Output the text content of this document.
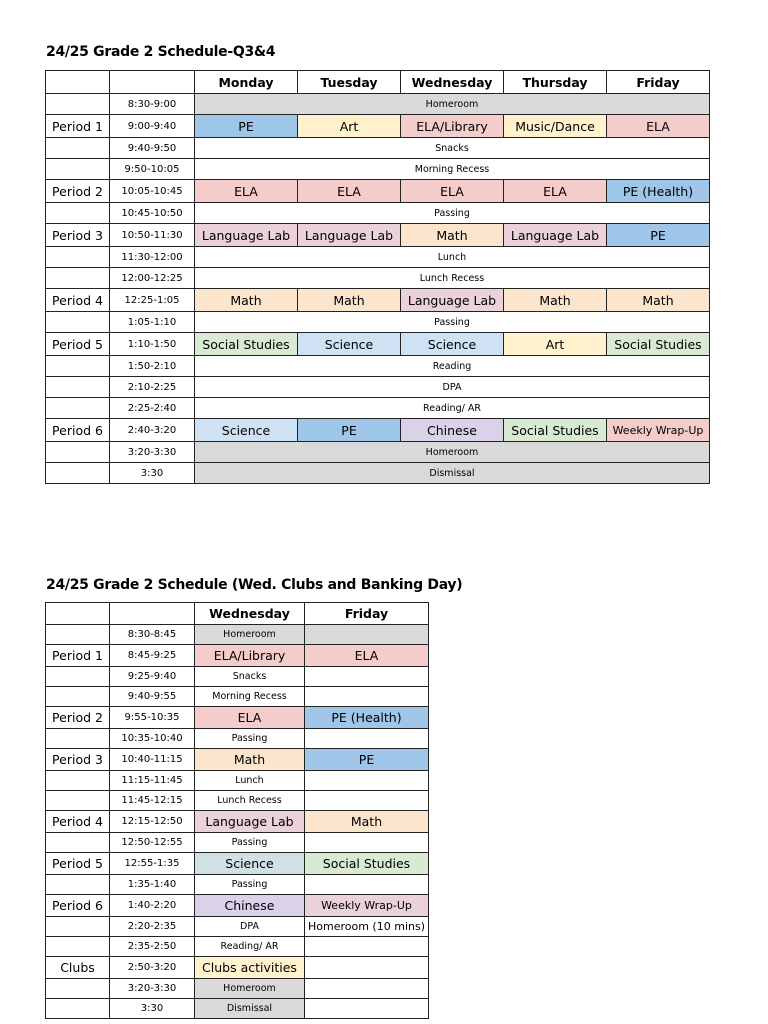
24/25 Grade 2 Schedule-Q3&4
		Monday	Tuesday	Wednesday	Thursday	Friday
	8:30-9:00	Homeroom				
Period 1	9:00-9:40	PE	Art	ELA/Library	Music/Dance	ELA
	9:40-9:50	Snacks				
	9:50-10:05	Morning Recess				
Period 2	10:05-10:45	ELA	ELA	ELA	ELA	PE (Health)
	10:45-10:50	Passing				
Period 3	10:50-11:30	Language Lab	Language Lab	Math	Language Lab	PE
	11:30-12:00	Lunch				
	12:00-12:25	Lunch Recess				
Period 4	12:25-1:05	Math	Math	Language Lab	Math	Math
	1:05-1:10	Passing				
Period 5	1:10-1:50	Social Studies	Science	Science	Art	Social Studies
	1:50-2:10	Reading				
	2:10-2:25	DPA				
	2:25-2:40	Reading/ AR				
Period 6	2:40-3:20	Science	PE	Chinese	Social Studies	Weekly Wrap-Up
	3:20-3:30	Homeroom				
	3:30	Dismissal				
24/25 Grade 2 Schedule (Wed. Clubs and Banking Day)
		Wednesday	Friday
	8:30-8:45	Homeroom	
Period 1	8:45-9:25	ELA/Library	ELA
	9:25-9:40	Snacks	
	9:40-9:55	Morning Recess	
Period 2	9:55-10:35	ELA	PE (Health)
	10:35-10:40	Passing	
Period 3	10:40-11:15	Math	PE
	11:15-11:45	Lunch	
	11:45-12:15	Lunch Recess	
Period 4	12:15-12:50	Language Lab	Math
	12:50-12:55	Passing	
Period 5	12:55-1:35	Science	Social Studies
	1:35-1:40	Passing	
Period 6	1:40-2:20	Chinese	Weekly Wrap-Up
	2:20-2:35	DPA	Homeroom (10 mins)
	2:35-2:50	Reading/ AR	
Clubs	2:50-3:20	Clubs activities	
	3:20-3:30	Homeroom	
	3:30	Dismissal	
